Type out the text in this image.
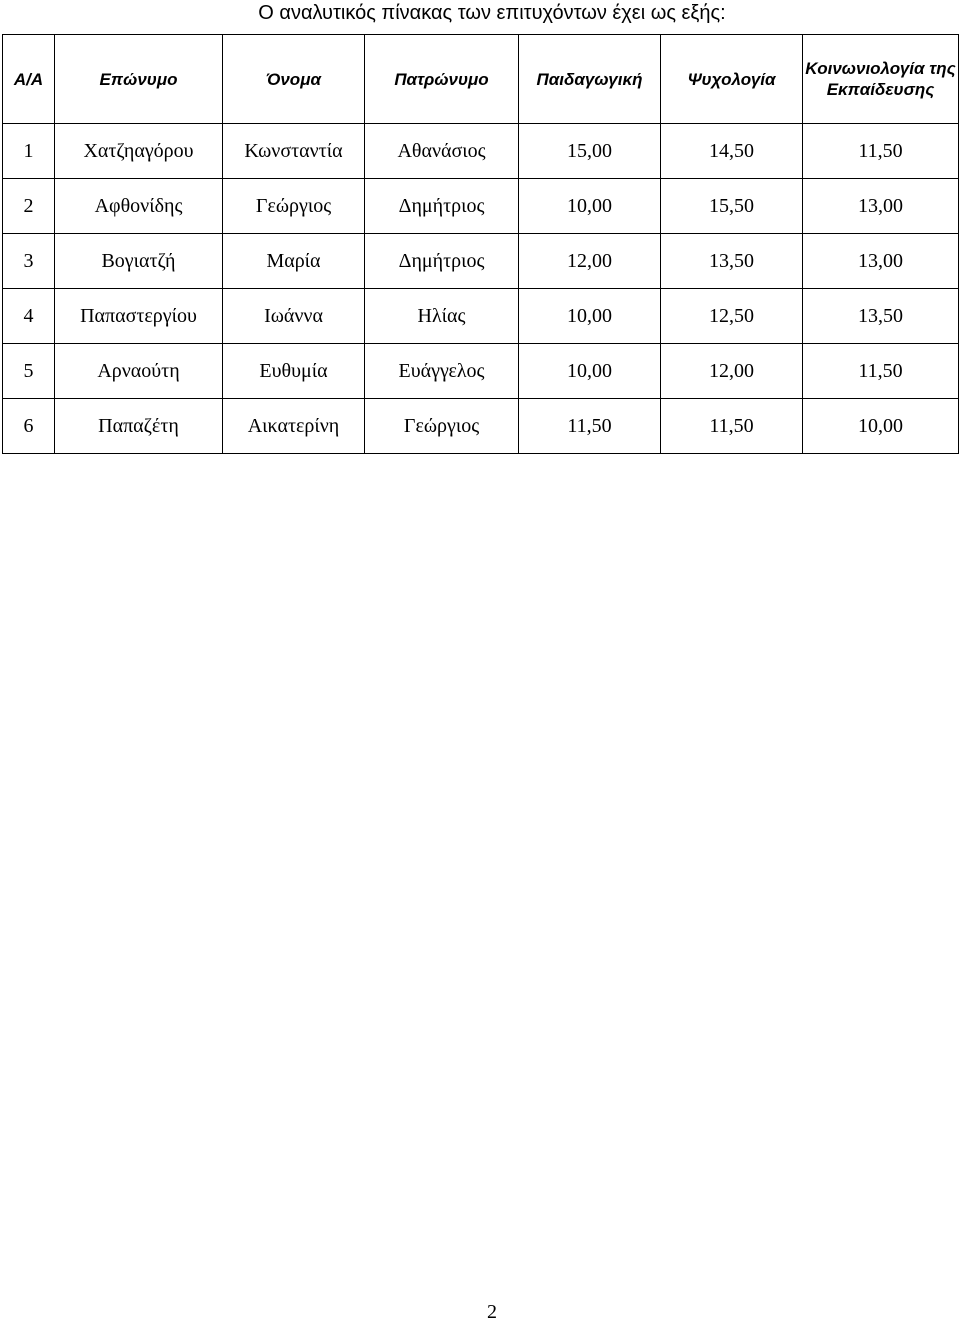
Ο αναλυτικός πίνακας των επιτυχόντων έχει ως εξής:
Α/Α	Επώνυμο	Όνομα	Πατρώνυμο	Παιδαγωγική	Ψυχολογία	Κοινωνιολογία της Εκπαίδευσης
1	Χατζηαγόρου	Κωνσταντία	Αθανάσιος	15,00	14,50	11,50
2	Αφθονίδης	Γεώργιος	Δημήτριος	10,00	15,50	13,00
3	Βογιατζή	Μαρία	Δημήτριος	12,00	13,50	13,00
4	Παπαστεργίου	Ιωάννα	Ηλίας	10,00	12,50	13,50
5	Αρναούτη	Ευθυμία	Ευάγγελος	10,00	12,00	11,50
6	Παπαζέτη	Αικατερίνη	Γεώργιος	11,50	11,50	10,00
2
